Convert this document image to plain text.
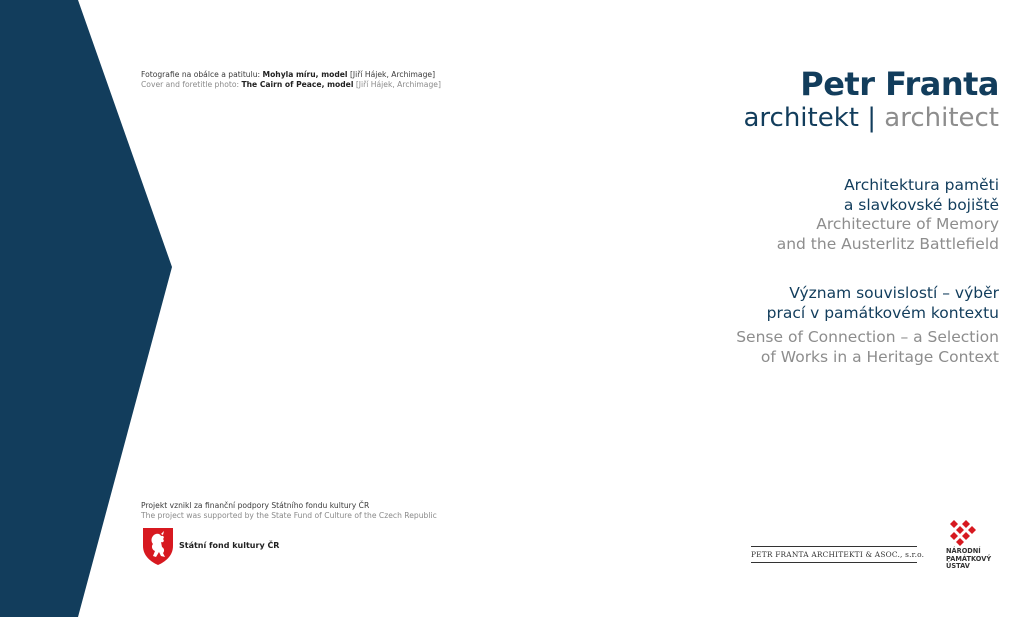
Fotografie na obálce a patitulu: Mohyla míru, model [Jiří Hájek, Archimage]
Cover and foretitle photo: The Cairn of Peace, model [Jiří Hájek, Archimage]	Petr Franta
architekt | architect
Architektura paměti
a slavkovské bojiště
Architecture of Memory
and the Austerlitz Battlefield
Význam souvislostí – výběr
prací v památkovém kontextu
Sense of Connection – a Selection
of Works in a Heritage Context
Projekt vznikl za finanční podpory Státního fondu kultury ČR
The project was supported by the State Fund of Culture of the Czech Republic
Státní fond kultury ČR
PETR FRANTA ARCHITEKTI & ASOC., s.r.o.	NÁRODNÍ
PAMÁTKOVÝ
ÚSTAV
